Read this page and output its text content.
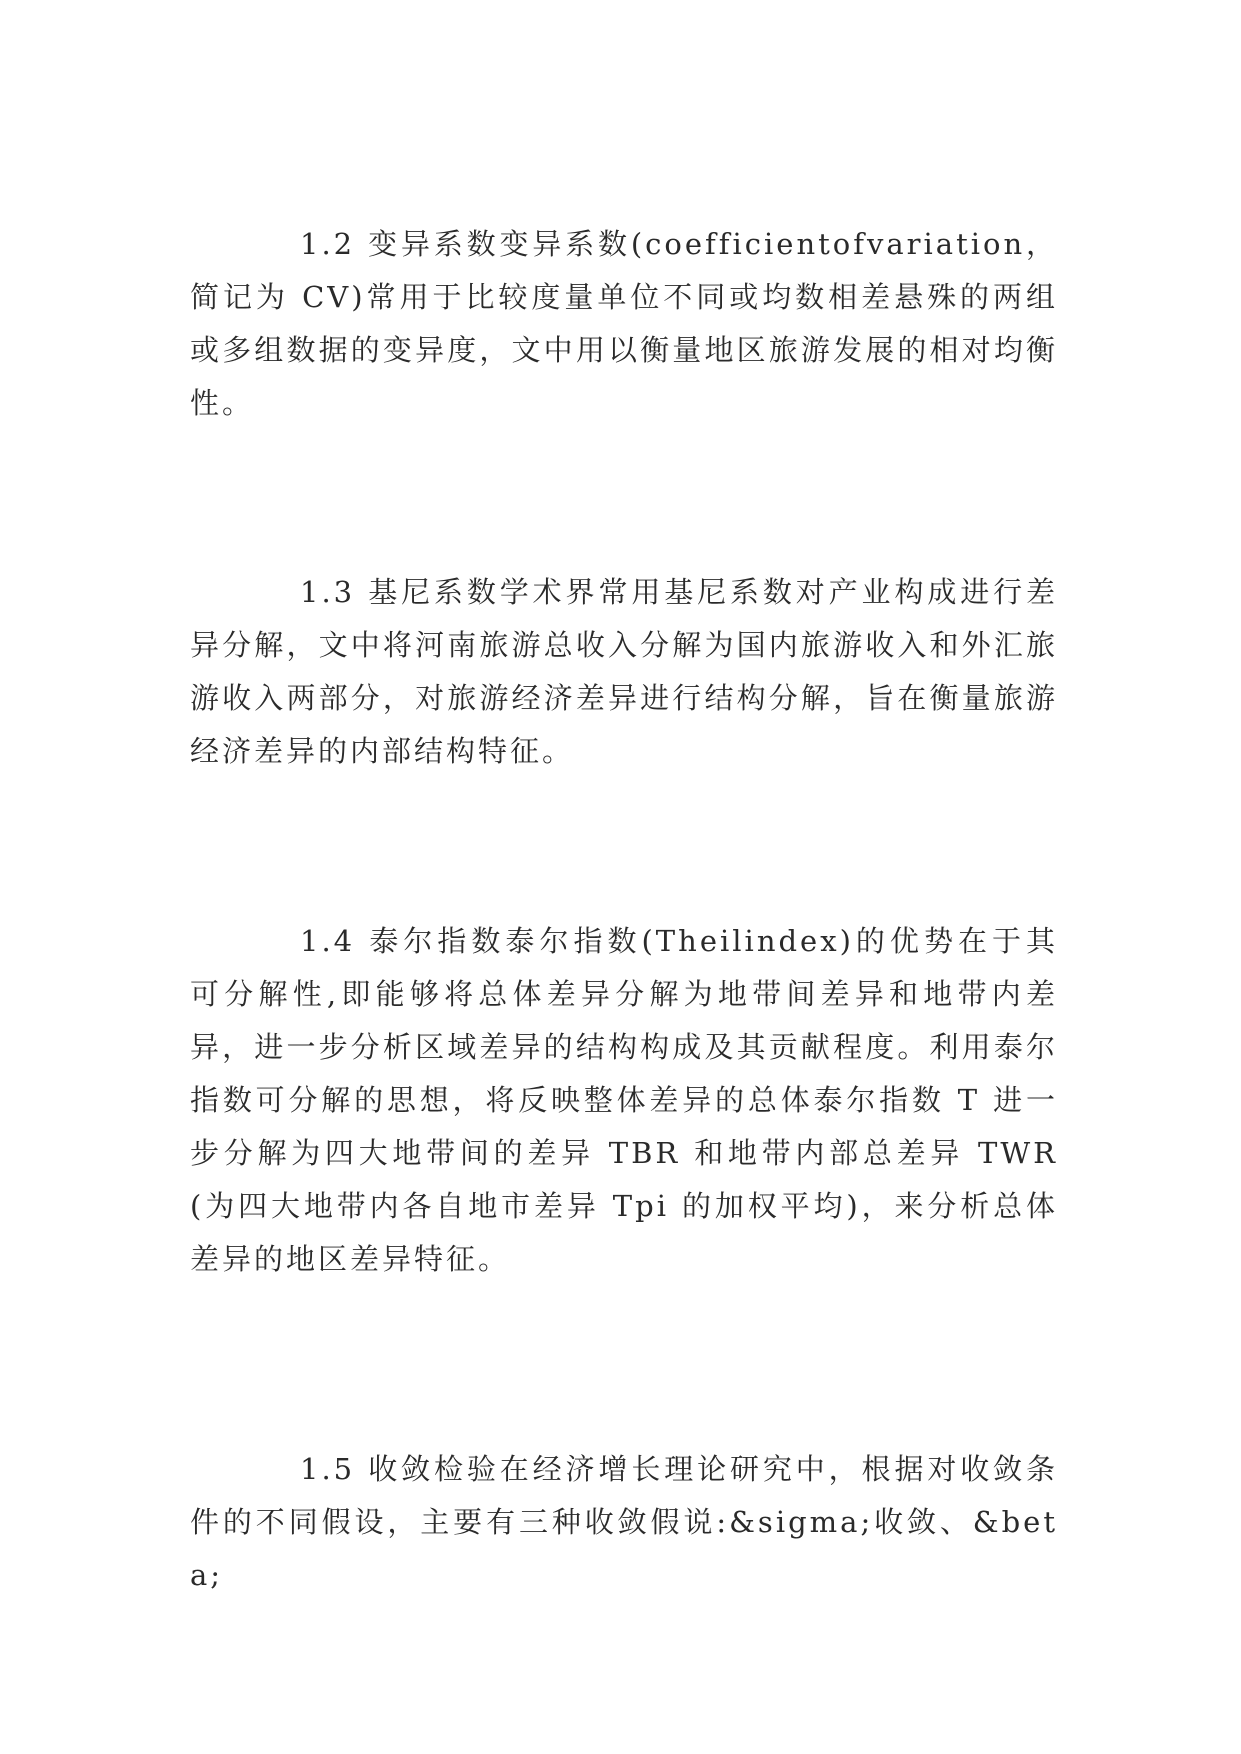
1.2 变异系数变异系数(coefficientofvariation，简记为 CV)常用于比较度量单位不同或均数相差悬殊的两组或多组数据的变异度，文中用以衡量地区旅游发展的相对均衡性。

1.3 基尼系数学术界常用基尼系数对产业构成进行差异分解，文中将河南旅游总收入分解为国内旅游收入和外汇旅游收入两部分，对旅游经济差异进行结构分解，旨在衡量旅游经济差异的内部结构特征。

1.4 泰尔指数泰尔指数(Theilindex)的优势在于其可分解性,即能够将总体差异分解为地带间差异和地带内差异，进一步分析区域差异的结构构成及其贡献程度。利用泰尔指数可分解的思想，将反映整体差异的总体泰尔指数 T 进一步分解为四大地带间的差异 TBR 和地带内部总差异 TWR(为四大地带内各自地市差异 Tpi 的加权平均)，来分析总体差异的地区差异特征。

1.5 收敛检验在经济增长理论研究中，根据对收敛条件的不同假设，主要有三种收敛假说:&sigma;收敛、&beta;
